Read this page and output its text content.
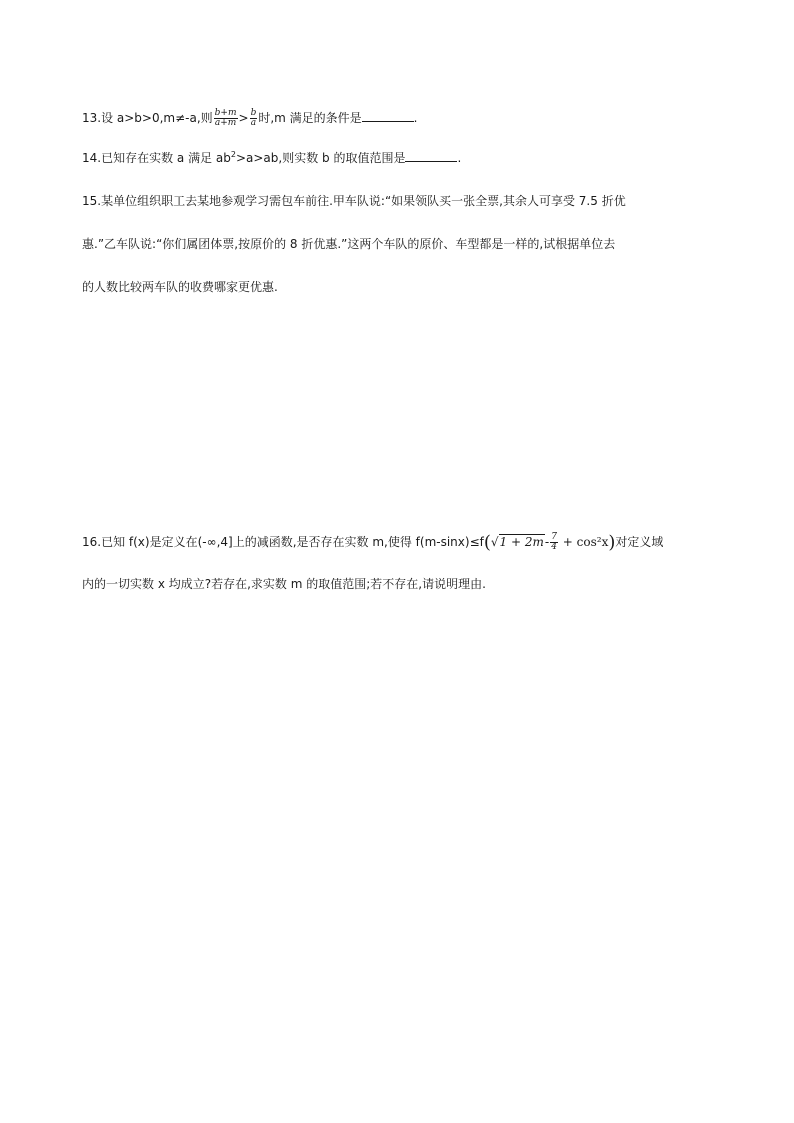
13.设 a>b>0,m≠-a,则 $\frac{b+m}{a+m} > \frac{b}{a}$ 时,m 满足的条件是	.
14.已知存在实数 a 满足 $ab^2>a>ab$,则实数 b 的取值范围是	.
15.某单位组织职工去某地参观学习需包车前往.甲车队说:“如果领队买一张全票,其余人可享受 7.5 折优
惠.”乙车队说:“你们属团体票,按原价的 8 折优惠.”这两个车队的原价、车型都是一样的,试根据单位去
的人数比较两车队的收费哪家更优惠.
16.已知 f(x)是定义在(-∞,4]上的减函数,是否存在实数 m,使得 $f(m-\sin x)\le f(√1 + 2m- \frac{7}{4} + \cos^2x)$对定义域
内的一切实数 x 均成立?若存在,求实数 m 的取值范围;若不存在,请说明理由.
